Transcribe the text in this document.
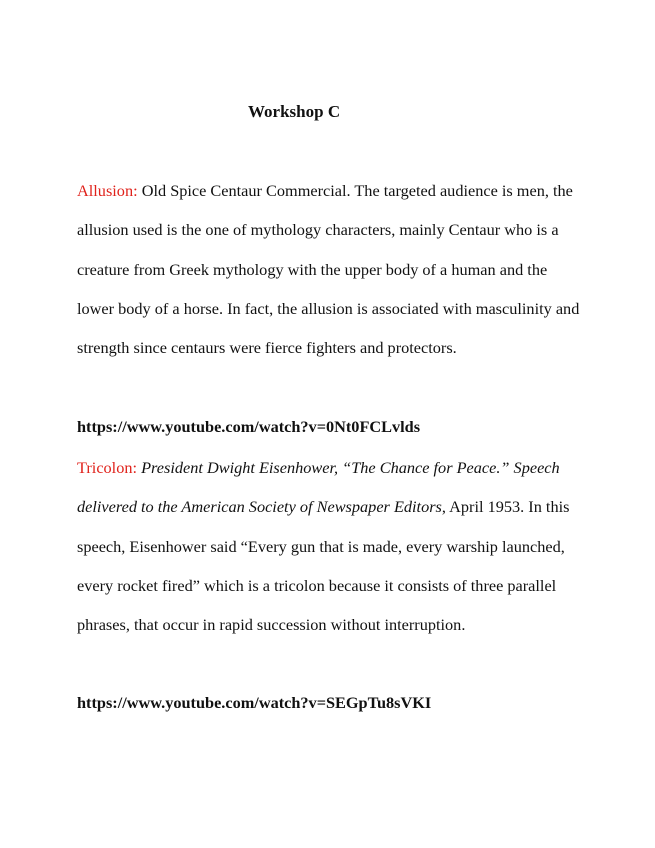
Workshop C
Allusion: Old Spice Centaur Commercial. The targeted audience is men, the allusion used is the one of mythology characters, mainly Centaur who is a creature from Greek mythology with the upper body of a human and the lower body of a horse. In fact, the allusion is associated with masculinity and strength since centaurs were fierce fighters and protectors.
https://www.youtube.com/watch?v=0Nt0FCLvlds
Tricolon: President Dwight Eisenhower, “The Chance for Peace.” Speech delivered to the American Society of Newspaper Editors, April 1953. In this speech, Eisenhower said “Every gun that is made, every warship launched, every rocket fired” which is a tricolon because it consists of three parallel phrases, that occur in rapid succession without interruption.
https://www.youtube.com/watch?v=SEGpTu8sVKI
